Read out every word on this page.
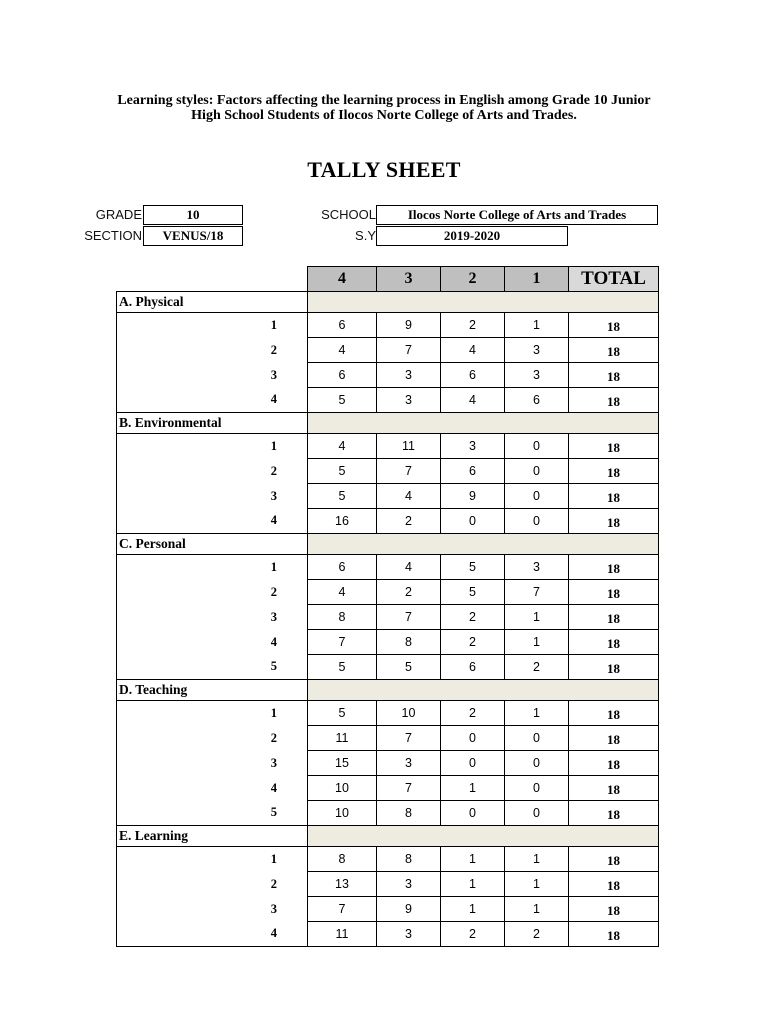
Learning styles: Factors affecting the learning process in English among Grade 10 Junior
High School Students of Ilocos Norte College of Arts and Trades.
TALLY SHEET
GRADE	10
SECTION	VENUS/18
SCHOOL	Ilocos Norte College of Arts and Trades
S.Y	2019-2020
	4	3	2	1	TOTAL
A. Physical					
1	6	9	2	1	18
2	4	7	4	3	18
3	6	3	6	3	18
4	5	3	4	6	18
B. Environmental					
1	4	11	3	0	18
2	5	7	6	0	18
3	5	4	9	0	18
4	16	2	0	0	18
C. Personal					
1	6	4	5	3	18
2	4	2	5	7	18
3	8	7	2	1	18
4	7	8	2	1	18
5	5	5	6	2	18
D. Teaching					
1	5	10	2	1	18
2	11	7	0	0	18
3	15	3	0	0	18
4	10	7	1	0	18
5	10	8	0	0	18
E. Learning					
1	8	8	1	1	18
2	13	3	1	1	18
3	7	9	1	1	18
4	11	3	2	2	18
